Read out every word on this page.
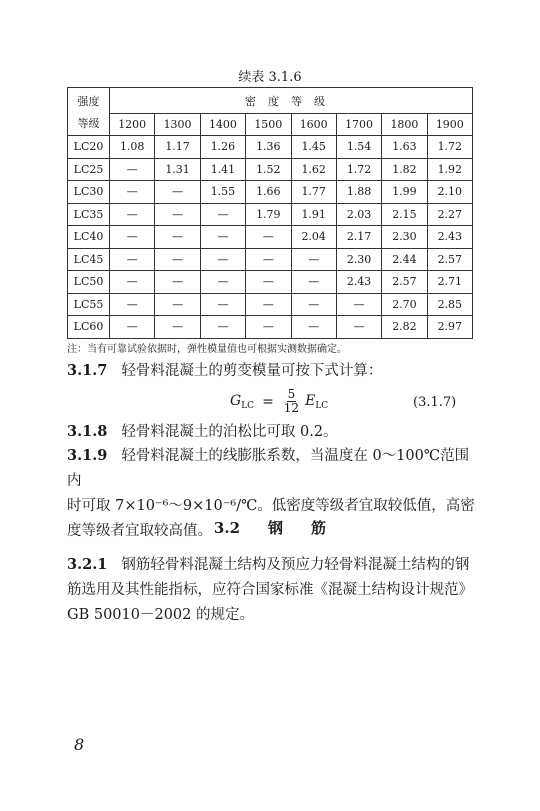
续表 3.1.6
强度
等级	密度等级							
	1200	1300	1400	1500	1600	1700	1800	1900
LC20	1.08	1.17	1.26	1.36	1.45	1.54	1.63	1.72
LC25	—	1.31	1.41	1.52	1.62	1.72	1.82	1.92
LC30	—	—	1.55	1.66	1.77	1.88	1.99	2.10
LC35	—	—	—	1.79	1.91	2.03	2.15	2.27
LC40	—	—	—	—	2.04	2.17	2.30	2.43
LC45	—	—	—	—	—	2.30	2.44	2.57
LC50	—	—	—	—	—	2.43	2.57	2.71
LC55	—	—	—	—	—	—	2.70	2.85
LC60	—	—	—	—	—	—	2.82	2.97
注：当有可靠试验依据时，弹性模量值也可根据实测数据确定。
3.1.7 轻骨料混凝土的剪变模量可按下式计算：
$G_{LC} = \frac{5}{12} E_{LC}$	(3.1.7)
3.1.8 轻骨料混凝土的泊松比可取 0.2。
3.1.9 轻骨料混凝土的线膨胀系数，当温度在 0～100℃范围内
时可取 7×10⁻⁶～9×10⁻⁶/℃。低密度等级者宜取较低值，高密
度等级者宜取较高值。 3.2 钢 筋
3.2.1 钢筋轻骨料混凝土结构及预应力轻骨料混凝土结构的钢
筋选用及其性能指标，应符合国家标准《混凝土结构设计规范》
GB 50010－2002 的规定。
8
